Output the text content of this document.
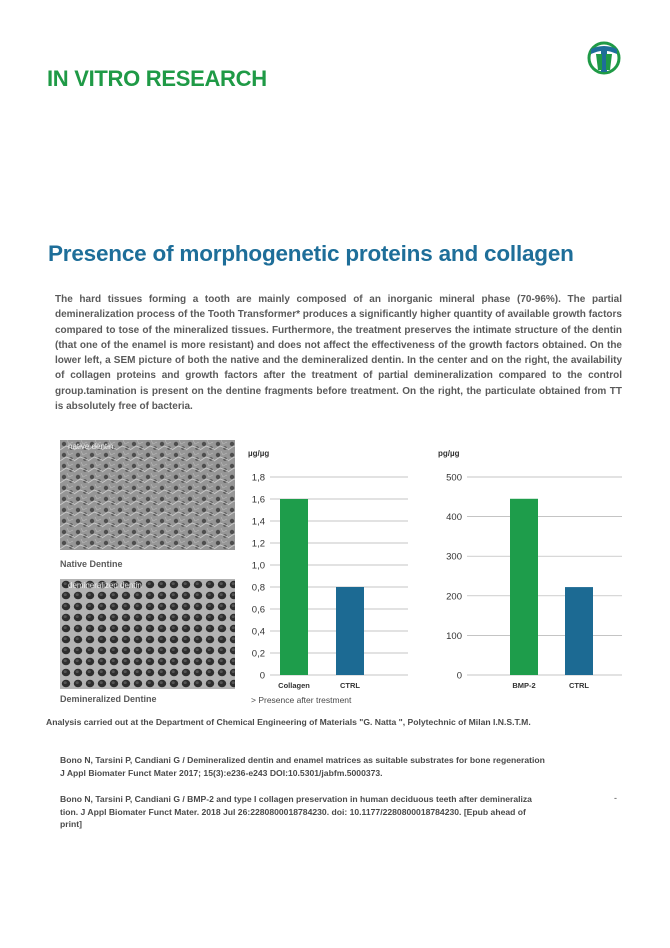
IN VITRO RESEARCH
Presence of morphogenetic proteins and collagen
The hard tissues forming a tooth are mainly composed of an inorganic mineral phase (70-96%). The partial demineralization process of the Tooth Transformer* produces a significantly higher quantity of available growth factors compared to tose of the mineralized tissues. Furthermore, the treatment preserves the intimate structure of the dentin (that one of the enamel is more resistant) and does not affect the effectiveness of the growth factors obtained. On the lower left, a SEM picture of both the native and the demineralized dentin. In the center and on the right, the availability of collagen proteins and growth factors after the treatment of partial demineralization compared to the control group.tamination is present on the dentine fragments before treatment. On the right, the particulate obtained from TT is absolutely free of bacteria.
native dentin
Native Dentine
demineralized dentin
Demineralized Dentine
µg/µg
0
0,2
0,4
0,6
0,8
1,0
1,2
1,4
1,6
1,8
Collagen	CTRL
pg/µg
0
100
200
300
400
500
BMP-2	CTRL
> Presence after trestment
Analysis carried out at the Department of Chemical Engineering of Materials "G. Natta ", Polytechnic of Milan I.N.S.T.M.
Bono N, Tarsini P, Candiani G / Demineralized dentin and enamel matrices as suitable substrates for bone regeneration
J Appl Biomater Funct Mater 2017; 15(3):e236-e243 DOI:10.5301/jabfm.5000373.
Bono N, Tarsini P, Candiani G / BMP-2 and type I collagen preservation in human deciduous teeth after demineraliza
tion. J Appl Biomater Funct Mater. 2018 Jul 26:2280800018784230. doi: 10.1177/2280800018784230. [Epub ahead of
print]
-
